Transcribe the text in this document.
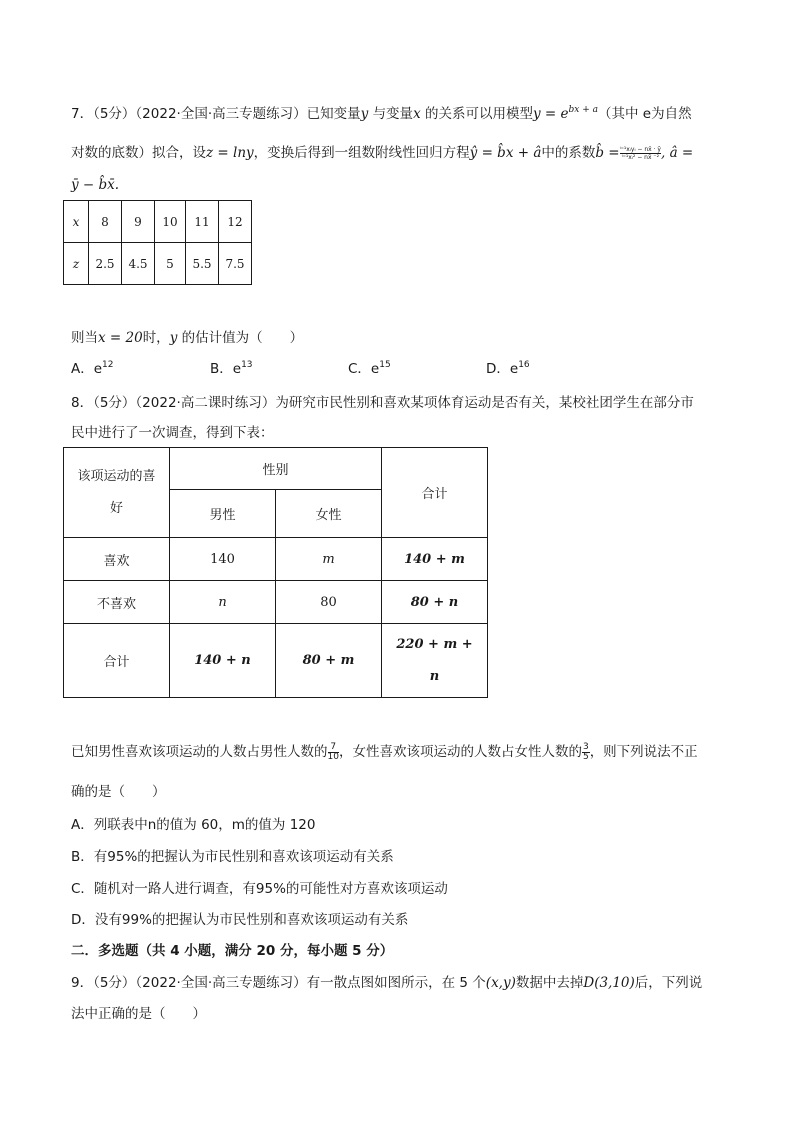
7．（5分）（2022·全国·高三专题练习）已知变量y 与变量x 的关系可以用模型$y = e^{bx + a}$（其中 e为自然
对数的底数）拟合，设z = lny，变换后得到一组数附线性回归方程ŷ = b̂x + â中的系数b̂ = $\frac{\text{ⁱ⁼¹xᵢyᵢ − nx̄ · ȳ}}{\text{ⁱ⁼¹xᵢ² − nx̄ ⁻²}}$, â =
ȳ − b̂x̄.
x	8	9	10	11	12
z	2.5	4.5	5	5.5	7.5
则当x = 20时，y 的估计值为（　　）
A．$e^{12}$	B．$e^{13}$	C．$e^{15}$	D．$e^{16}$
8．（5分）（2022·高二课时练习）为研究市民性别和喜欢某项体育运动是否有关，某校社团学生在部分市
民中进行了一次调查，得到下表：
该项运动的喜
好	性别		合计
	男性	女性	
喜欢	140	m	140 + m
不喜欢	n	80	80 + n
合计	140 + n	80 + m	220 + m +
n
已知男性喜欢该项运动的人数占男性人数的 $\frac{7}{10}$ ，女性喜欢该项运动的人数占女性人数的 $\frac{3}{5}$ ，则下列说法不正
确的是（　　）
A．列联表中n的值为 60，m的值为 120
B．有95%的把握认为市民性别和喜欢该项运动有关系
C．随机对一路人进行调查，有95%的可能性对方喜欢该项运动
D．没有99%的把握认为市民性别和喜欢该项运动有关系
二．多选题（共 4 小题，满分 20 分，每小题 5 分）
9．（5分）（2022·全国·高三专题练习）有一散点图如图所示，在 5 个(x,y)数据中去掉D(3,10)后，下列说
法中正确的是（　　）
